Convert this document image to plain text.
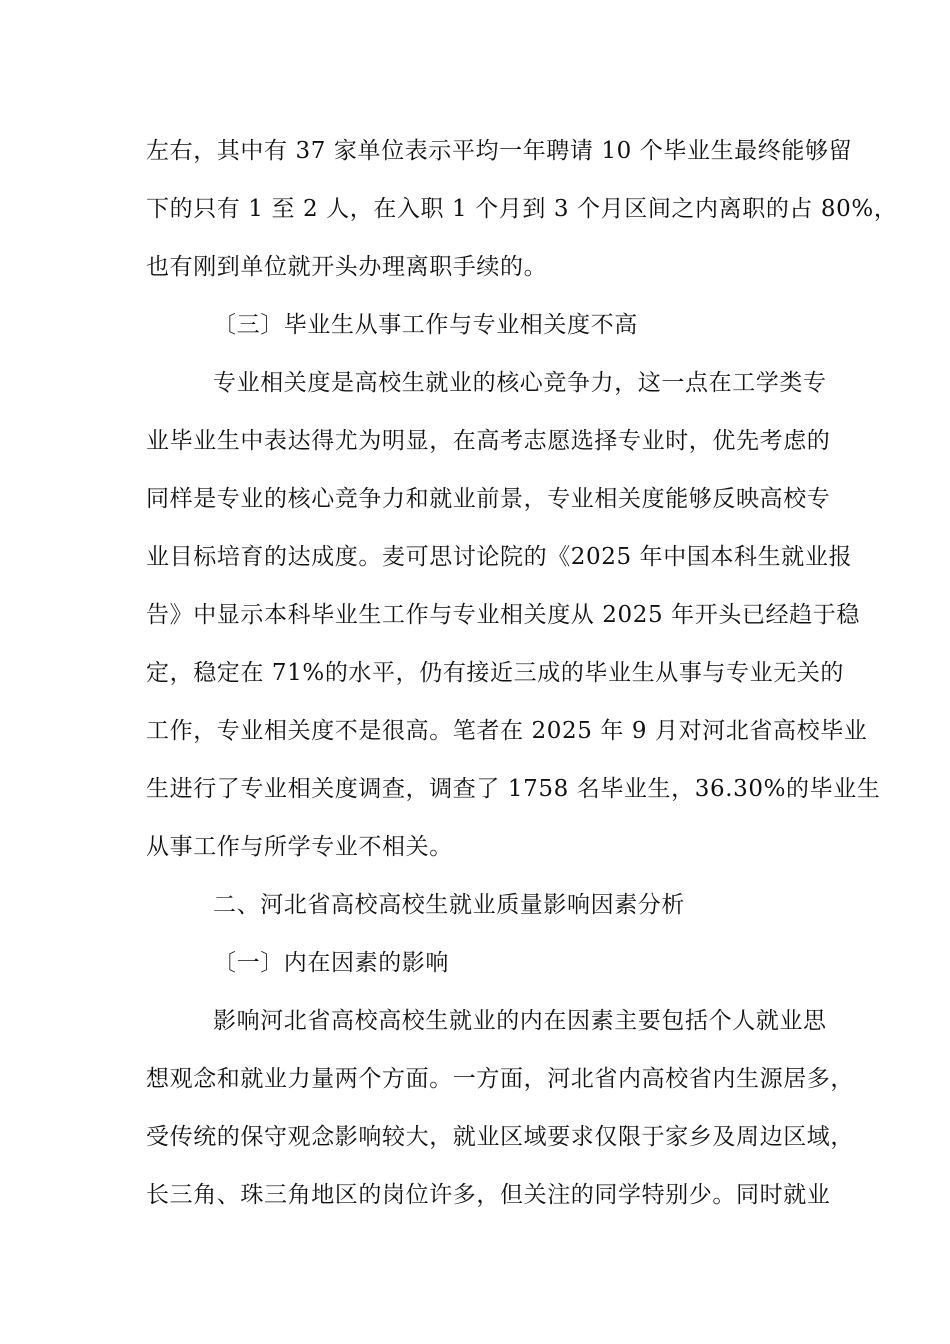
左右，其中有 37 家单位表示平均一年聘请 10 个毕业生最终能够留
下的只有 1 至 2 人，在入职 1 个月到 3 个月区间之内离职的占 80%，
也有刚到单位就开头办理离职手续的。
〔三〕毕业生从事工作与专业相关度不高
专业相关度是高校生就业的核心竞争力，这一点在工学类专
业毕业生中表达得尤为明显，在高考志愿选择专业时，优先考虑的
同样是专业的核心竞争力和就业前景，专业相关度能够反映高校专
业目标培育的达成度。麦可思讨论院的《2025 年中国本科生就业报
告》中显示本科毕业生工作与专业相关度从 2025 年开头已经趋于稳
定，稳定在 71%的水平，仍有接近三成的毕业生从事与专业无关的
工作，专业相关度不是很高。笔者在 2025 年 9 月对河北省高校毕业
生进行了专业相关度调查，调查了 1758 名毕业生，36.30%的毕业生
从事工作与所学专业不相关。
二、河北省高校高校生就业质量影响因素分析
〔一〕内在因素的影响
影响河北省高校高校生就业的内在因素主要包括个人就业思
想观念和就业力量两个方面。一方面，河北省内高校省内生源居多，
受传统的保守观念影响较大，就业区域要求仅限于家乡及周边区域，
长三角、珠三角地区的岗位许多，但关注的同学特别少。同时就业
